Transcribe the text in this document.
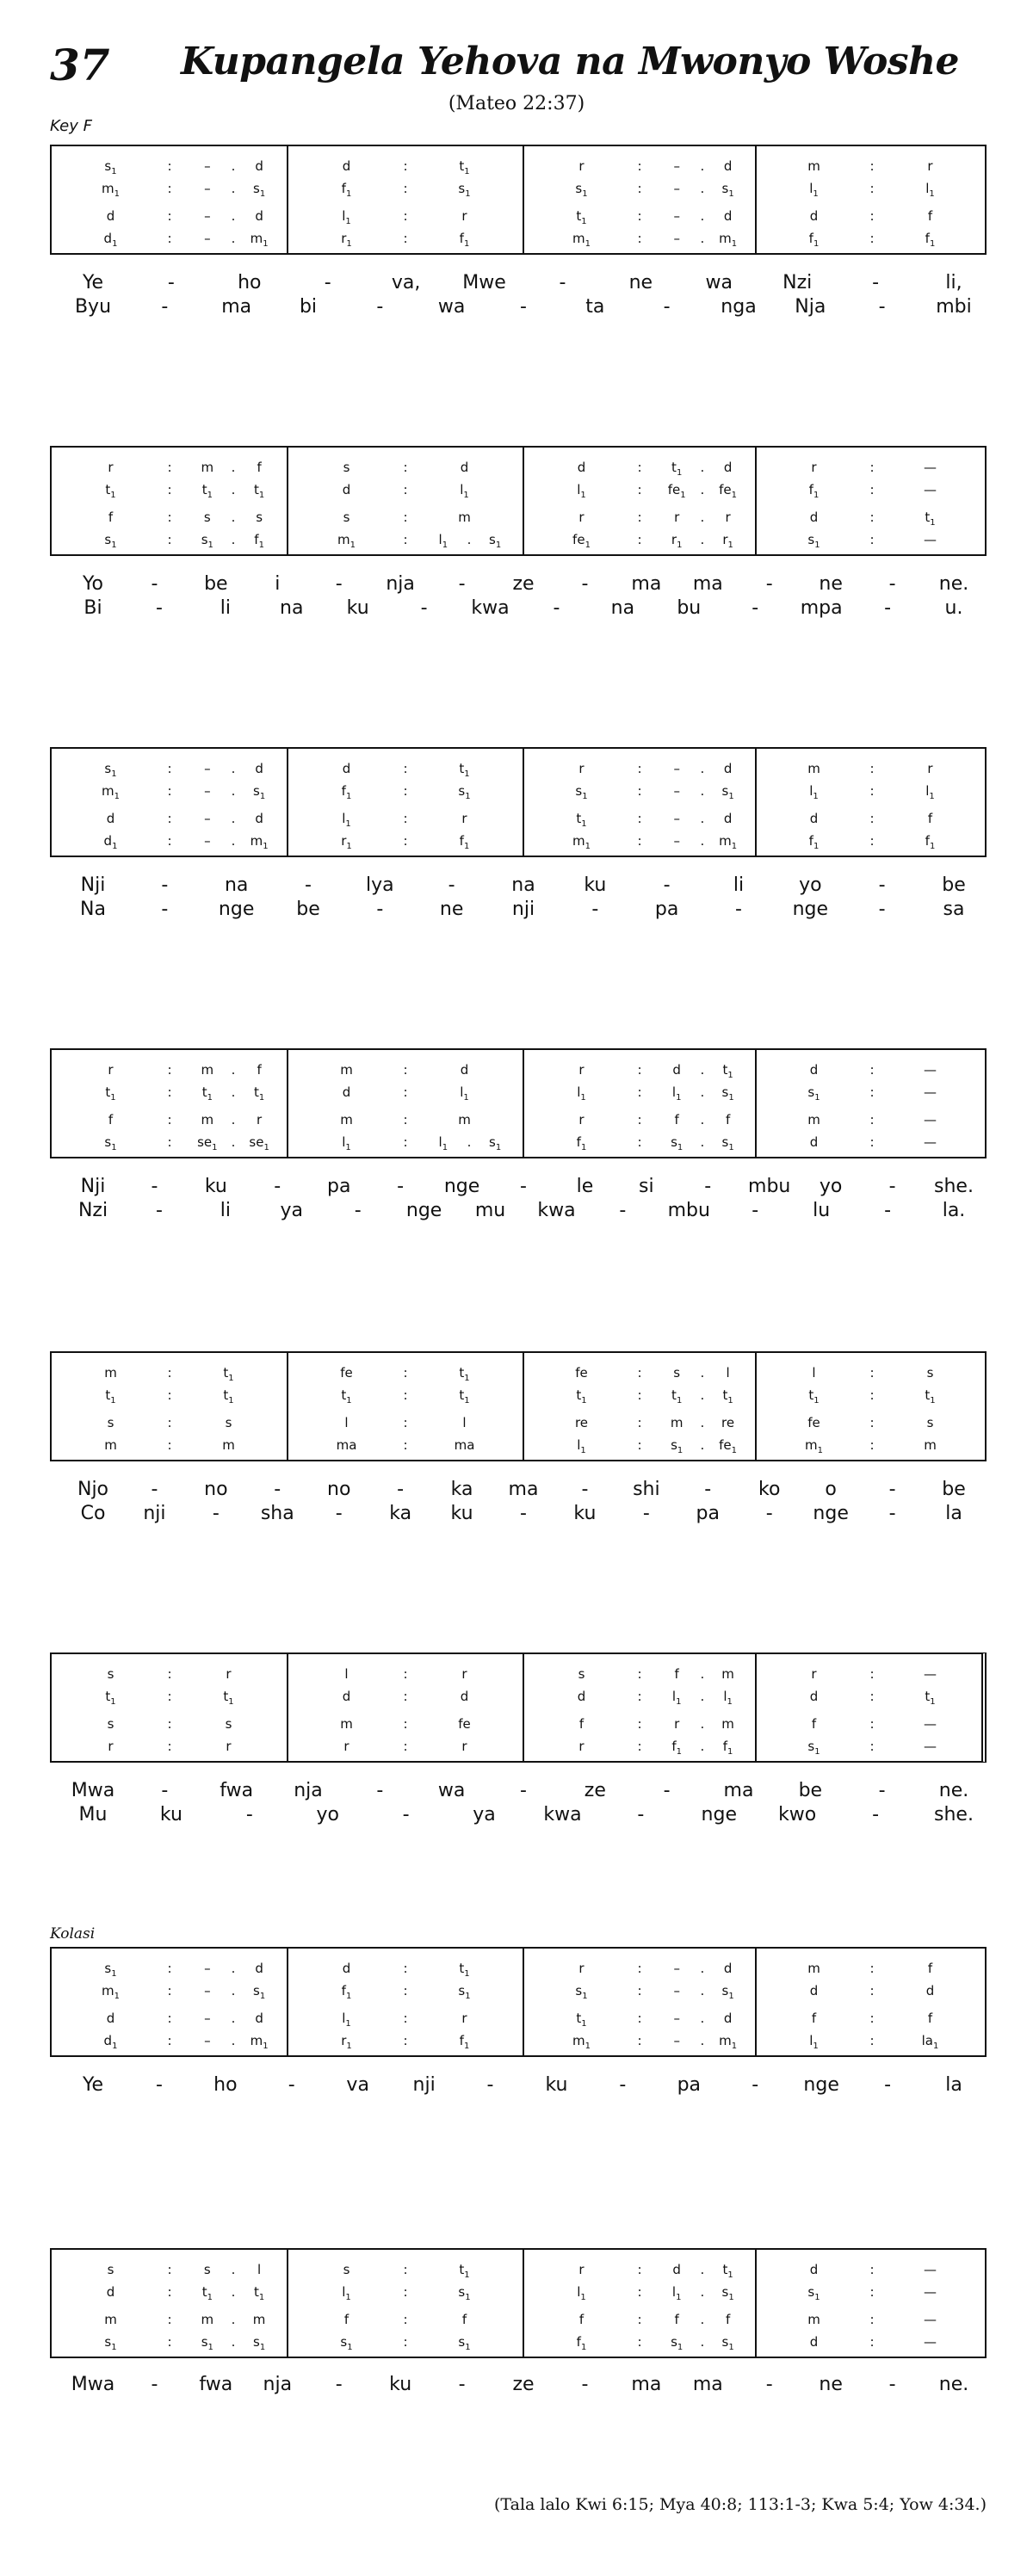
37 Kupangela Yehova na Mwonyo Woshe
(Mateo 22:37)
Key F
Kolasi
$s_1$	:	–	.	d	d	:	$t_1$	r	:	–	.	d	m	:	r
$m_1$	:	–	.	$s_1$	$f_1$	:	$s_1$	$s_1$	:	–	.	$s_1$	$l_1$	:	$l_1$
d	:	–	.	d	$l_1$	:	r	$t_1$	:	–	.	d	d	:	f
$d_1$	:	–	.	$m_1$	$r_1$	:	$f_1$	$m_1$	:	–	.	$m_1$	$f_1$	:	$f_1$
Ye	-	ho	-	va, Mwe	-	ne	wa	Nzi	-	li,
Byu	-	ma	bi	-	wa	-	ta	-	nga Nja	-	mbi
r	:	m	.	f	s	:	d	d	:	$t_1$	.	d	r	:	—
$t_1$	:	$t_1$	.	$t_1$	d	:	$l_1$	$l_1$	:	$fe_1$	.	$fe_1$	$f_1$	:	—
f	:	s	.	s	s	:	m	r	:	r	.	r	d	:	$t_1$
$s_1$	:	$s_1$	.	$f_1$	$m_1$	:	$l_1$	.	$s_1$	$fe_1$	:	$r_1$	.	$r_1$	$s_1$	:	—
Yo	- be i	- nja - ze - ma ma - ne - ne.
Bi	-	li	na ku	- kwa -	na bu	- mpa -	u.
$s_1$	:	–	.	d	d	:	$t_1$	r	:	–	.	d	m	:	r
$m_1$	:	–	.	$s_1$	$f_1$	:	$s_1$	$s_1$	:	–	.	$s_1$	$l_1$	:	$l_1$
d	:	–	.	d	$l_1$	:	r	$t_1$	:	–	.	d	d	:	f
$d_1$	:	–	.	$m_1$	$r_1$	:	$f_1$	$m_1$	:	–	.	$m_1$	$f_1$	:	$f_1$
Nji	-	na	-	lya	-	na	ku	-	li	yo	-	be
Na	-	nge be	-	ne	nji	-	pa	-	nge	-	sa
r	:	m	.	f	m	:	d	r	:	d	.	$t_1$	d	:	—
$t_1$	:	$t_1$	.	$t_1$	d	:	$l_1$	$l_1$	:	$l_1$	.	$s_1$	$s_1$	:	—
f	:	m	.	r	m	:	m	r	:	f	.	f	m	:	—
$s_1$	:	$se_1$	.	$se_1$	$l_1$	:	$l_1$	.	$s_1$	$f_1$	:	$s_1$	.	$s_1$	d	:	—
Nji - ku - pa - nge -	le si	- mbu yo - she.
Nzi	-	li	ya	- nge mu kwa - mbu -	lu	-	la.
m	:	$t_1$	fe	:	$t_1$	fe	:	s	.	l	l	:	s
$t_1$	:	$t_1$	$t_1$	:	$t_1$	$t_1$	:	$t_1$	.	$t_1$	$t_1$	:	$t_1$
s	:	s	l	:	l	re	:	m	.	re	fe	:	s
m	:	m	ma	:	ma	$l_1$	:	$s_1$	.	$fe_1$	$m_1$	:	m
Njo - no - no - ka ma - shi - ko o	- be
Co nji - sha - ka ku - ku - pa - nge -	la
s	:	r	l	:	r	s	:	f	.	m	r	:	—
$t_1$	:	$t_1$	d	:	d	d	:	$l_1$	.	$l_1$	d	:	$t_1$
s	:	s	m	:	fe	f	:	r	.	m	f	:	—
r	:	r	r	:	r	r	:	$f_1$	.	$f_1$	$s_1$	:	—
Mwa -	fwa nja	-	wa	-	ze	-	ma be	-	ne.
Mu	ku	-	yo	-	ya	kwa	-	nge kwo	-	she.
$s_1$	:	–	.	d	d	:	$t_1$	r	:	–	.	d	m	:	f
$m_1$	:	–	.	$s_1$	$f_1$	:	$s_1$	$s_1$	:	–	.	$s_1$	d	:	d
d	:	–	.	d	$l_1$	:	r	$t_1$	:	–	.	d	f	:	f
$d_1$	:	–	.	$m_1$	$r_1$	:	$f_1$	$m_1$	:	–	.	$m_1$	$l_1$	:	$la_1$
Ye	-	ho	-	va nji	-	ku	-	pa	- nge -	la
s	:	s	.	l	s	:	$t_1$	r	:	d	.	$t_1$	d	:	—
d	:	$t_1$	.	$t_1$	$l_1$	:	$s_1$	$l_1$	:	$l_1$	.	$s_1$	$s_1$	:	—
m	:	m	.	m	f	:	f	f	:	f	.	f	m	:	—
$s_1$	:	$s_1$	.	$s_1$	$s_1$	:	$s_1$	$f_1$	:	$s_1$	.	$s_1$	d	:	—
Mwa - fwa nja - ku - ze - ma ma - ne - ne.
(Tala lalo Kwi 6:15; Mya 40:8; 113:1-3; Kwa 5:4; Yow 4:34.)
